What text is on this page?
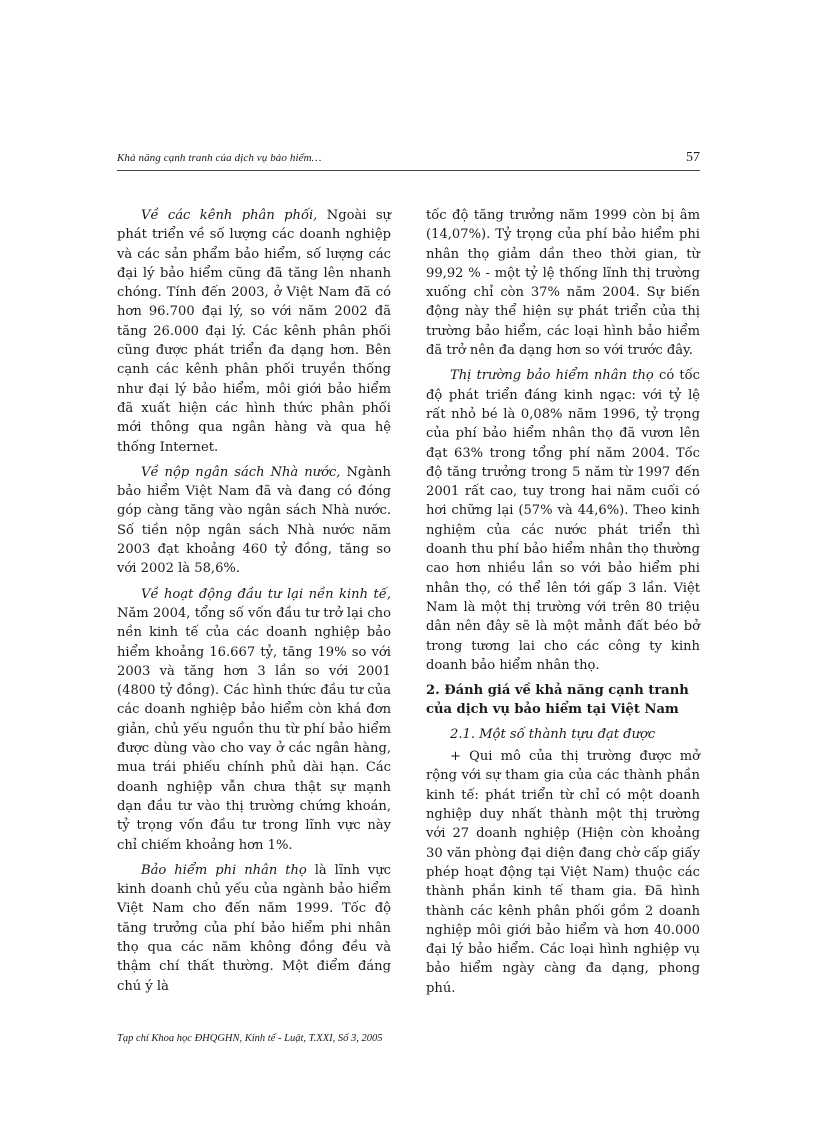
Khả năng cạnh tranh của dịch vụ bảo hiểm…	57

Về các kênh phân phối, Ngoài sự phát triển về số lượng các doanh nghiệp và các sản phẩm bảo hiểm, số lượng các đại lý bảo hiểm cũng đã tăng lên nhanh chóng. Tính đến 2003, ở Việt Nam đã có hơn 96.700 đại lý, so với năm 2002 đã tăng 26.000 đại lý. Các kênh phân phối cũng được phát triển đa dạng hơn. Bên cạnh các kênh phân phối truyền thống như đại lý bảo hiểm, môi giới bảo hiểm đã xuất hiện các hình thức phân phối mới thông qua ngân hàng và qua hệ thống Internet.

Về nộp ngân sách Nhà nước, Ngành bảo hiểm Việt Nam đã và đang có đóng góp càng tăng vào ngân sách Nhà nước. Số tiền nộp ngân sách Nhà nước năm 2003 đạt khoảng 460 tỷ đồng, tăng so với 2002 là 58,6%.

Về hoạt động đầu tư lại nền kinh tế, Năm 2004, tổng số vốn đầu tư trở lại cho nền kinh tế của các doanh nghiệp bảo hiểm khoảng 16.667 tỷ, tăng 19% so với 2003 và tăng hơn 3 lần so với 2001 (4800 tỷ đồng). Các hình thức đầu tư của các doanh nghiệp bảo hiểm còn khá đơn giản, chủ yếu nguồn thu từ phí bảo hiểm được dùng vào cho vay ở các ngân hàng, mua trái phiếu chính phủ dài hạn. Các doanh nghiệp vẫn chưa thật sự mạnh dạn đầu tư vào thị trường chứng khoán, tỷ trọng vốn đầu tư trong lĩnh vực này chỉ chiếm khoảng hơn 1%.

Bảo hiểm phi nhân thọ là lĩnh vực kinh doanh chủ yếu của ngành bảo hiểm Việt Nam cho đến năm 1999. Tốc độ tăng trưởng của phí bảo hiểm phi nhân thọ qua các năm không đồng đều và thậm chí thất thường. Một điểm đáng chú ý là

tốc độ tăng trưởng năm 1999 còn bị âm (14,07%). Tỷ trọng của phí bảo hiểm phi nhân thọ giảm dần theo thời gian, từ 99,92 % - một tỷ lệ thống lĩnh thị trường xuống chỉ còn 37% năm 2004. Sự biến động này thể hiện sự phát triển của thị trường bảo hiểm, các loại hình bảo hiểm đã trở nên đa dạng hơn so với trước đây.

Thị trường bảo hiểm nhân thọ có tốc độ phát triển đáng kinh ngạc: với tỷ lệ rất nhỏ bé là 0,08% năm 1996, tỷ trọng của phí bảo hiểm nhân thọ đã vươn lên đạt 63% trong tổng phí năm 2004. Tốc độ tăng trưởng trong 5 năm từ 1997 đến 2001 rất cao, tuy trong hai năm cuối có hơi chững lại (57% và 44,6%). Theo kinh nghiệm của các nước phát triển thì doanh thu phí bảo hiểm nhân thọ thường cao hơn nhiều lần so với bảo hiểm phi nhân thọ, có thể lên tới gấp 3 lần. Việt Nam là một thị trường với trên 80 triệu dân nên đây sẽ là một mảnh đất béo bở trong tương lai cho các công ty kinh doanh bảo hiểm nhân thọ.

2. Đánh giá về khả năng cạnh tranh của dịch vụ bảo hiểm tại Việt Nam
2.1. Một số thành tựu đạt được

+ Qui mô của thị trường được mở rộng với sự tham gia của các thành phần kinh tế: phát triển từ chỉ có một doanh nghiệp duy nhất thành một thị trường với 27 doanh nghiệp (Hiện còn khoảng 30 văn phòng đại diện đang chờ cấp giấy phép hoạt động tại Việt Nam) thuộc các thành phần kinh tế tham gia. Đã hình thành các kênh phân phối gồm 2 doanh nghiệp môi giới bảo hiểm và hơn 40.000 đại lý bảo hiểm. Các loại hình nghiệp vụ bảo hiểm ngày càng đa dạng, phong phú.

Tạp chí Khoa học ĐHQGHN, Kinh tế - Luật, T.XXI, Số 3, 2005
